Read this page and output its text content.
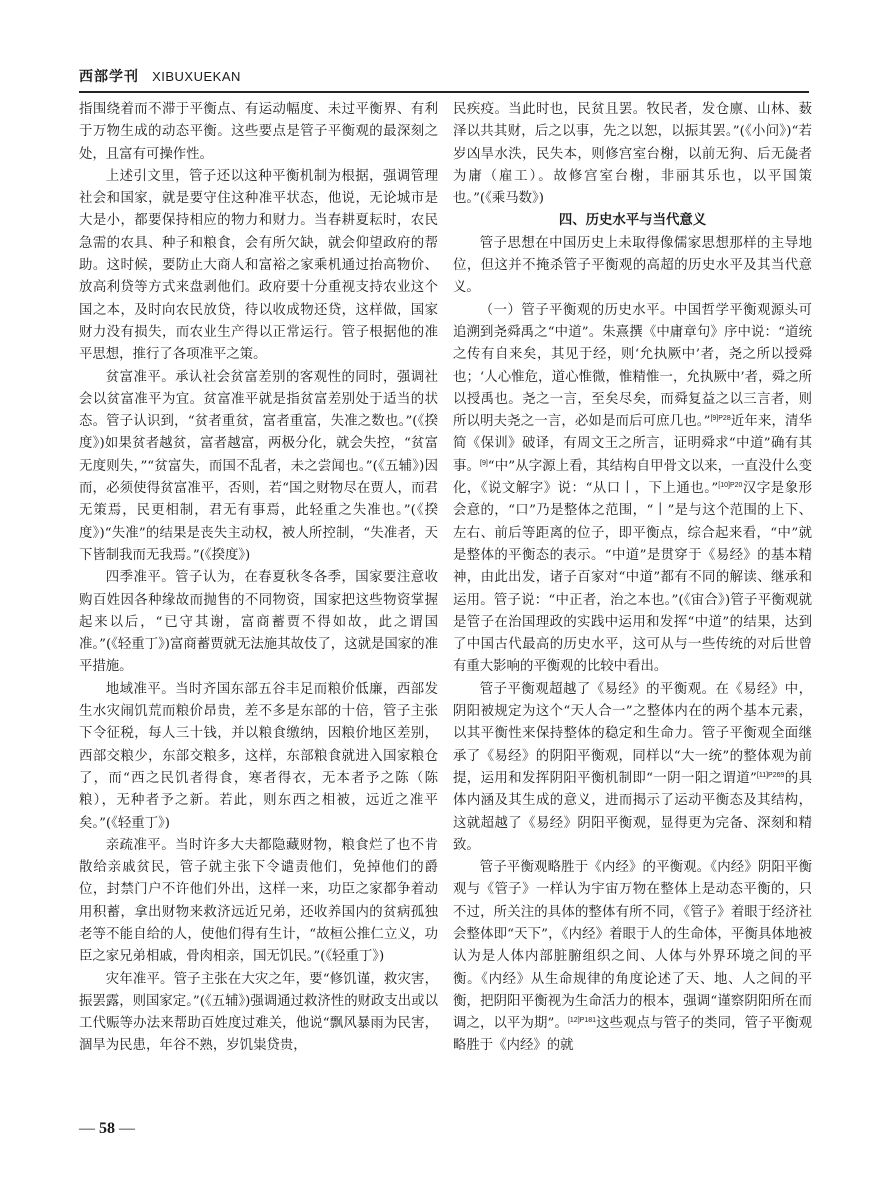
西部学刊 XIBUXUEKAN

指围绕着而不滞于平衡点、有运动幅度、未过平衡界、有利于万物生成的动态平衡。这些要点是管子平衡观的最深刻之处，且富有可操作性。

上述引文里，管子还以这种平衡机制为根据，强调管理社会和国家，就是要守住这种准平状态，他说，无论城市是大是小，都要保持相应的物力和财力。当春耕夏耘时，农民急需的农具、种子和粮食，会有所欠缺，就会仰望政府的帮助。这时候，要防止大商人和富裕之家乘机通过抬高物价、放高利贷等方式来盘剥他们。政府要十分重视支持农业这个国之本，及时向农民放贷，待以收成物还贷，这样做，国家财力没有损失，而农业生产得以正常运行。管子根据他的准平思想，推行了各项准平之策。

贫富准平。承认社会贫富差别的客观性的同时，强调社会以贫富准平为宜。贫富准平就是指贫富差别处于适当的状态。管子认识到，“贫者重贫，富者重富，失准之数也。”(《揆度》)如果贫者越贫，富者越富，两极分化，就会失控，“贫富无度则失，”“贫富失，而国不乱者，未之尝闻也。”(《五辅》)因而，必须使得贫富准平，否则，若“国之财物尽在贾人，而君无策焉，民更相制，君无有事焉，此轻重之失准也。”(《揆度》)“失准”的结果是丧失主动权，被人所控制，“失准者，天下皆制我而无我焉。”(《揆度》)

四季准平。管子认为，在春夏秋冬各季，国家要注意收购百姓因各种缘故而抛售的不同物资，国家把这些物资掌握起来以后，“已守其谢，富商蓄贾不得如故，此之谓国准。”(《轻重丁》)富商蓄贾就无法施其故伎了，这就是国家的准平措施。

地域准平。当时齐国东部五谷丰足而粮价低廉，西部发生水灾闹饥荒而粮价昂贵，差不多是东部的十倍，管子主张下令征税，每人三十钱，并以粮食缴纳，因粮价地区差别，西部交粮少，东部交粮多，这样，东部粮食就进入国家粮仓了，而“西之民饥者得食，寒者得衣，无本者予之陈（陈粮），无种者予之新。若此，则东西之相被，远近之准平矣。”(《轻重丁》)

亲疏准平。当时许多大夫都隐藏财物，粮食烂了也不肯散给亲戚贫民，管子就主张下令谴责他们，免掉他们的爵位，封禁门户不许他们外出，这样一来，功臣之家都争着动用积蓄，拿出财物来救济远近兄弟，还收养国内的贫病孤独老等不能自给的人，使他们得有生计，“故桓公推仁立义，功臣之家兄弟相戚，骨肉相亲，国无饥民。”(《轻重丁》)

灾年准平。管子主张在大灾之年，要“修饥谨，救灾害，振罢露，则国家定。”(《五辅》)强调通过救济性的财政支出或以工代赈等办法来帮助百姓度过难关，他说“飘风暴雨为民害，涸旱为民患，年谷不熟，岁饥粜贷贵，

民疾疫。当此时也，民贫且罢。牧民者，发仓廪、山林、薮泽以共其财，后之以事，先之以恕，以振其罢。”(《小问》)“若岁凶旱水泆，民失本，则修宫室台榭，以前无狗、后无彘者为庸（雇工）。故修宫室台榭，非丽其乐也，以平国策也。”(《乘马数》)

四、历史水平与当代意义

管子思想在中国历史上未取得像儒家思想那样的主导地位，但这并不掩杀管子平衡观的高超的历史水平及其当代意义。

（一）管子平衡观的历史水平。中国哲学平衡观源头可追溯到尧舜禹之“中道”。朱熹撰《中庸章句》序中说：“道统之传有自来矣，其见于经，则‘允执厥中’者，尧之所以授舜也；‘人心惟危，道心惟微，惟精惟一，允执厥中’者，舜之所以授禹也。尧之一言，至矣尽矣，而舜复益之以三言者，则所以明夫尧之一言，必如是而后可庶几也。”$^{[9]P28}$近年来，清华简《保训》破译，有周文王之所言，证明舜求“中道”确有其事。[9]“中”从字源上看，其结构自甲骨文以来，一直没什么变化，《说文解字》说：“从口丨，下上通也。”$^{[10]P20}$汉字是象形会意的，“口”乃是整体之范围，“丨”是与这个范围的上下、左右、前后等距离的位子，即平衡点，综合起来看，“中”就是整体的平衡态的表示。“中道”是贯穿于《易经》的基本精神，由此出发，诸子百家对“中道”都有不同的解读、继承和运用。管子说：“中正者，治之本也。”(《宙合》)管子平衡观就是管子在治国理政的实践中运用和发挥“中道”的结果，达到了中国古代最高的历史水平，这可从与一些传统的对后世曾有重大影响的平衡观的比较中看出。

管子平衡观超越了《易经》的平衡观。在《易经》中，阴阳被规定为这个“天人合一”之整体内在的两个基本元素，以其平衡性来保持整体的稳定和生命力。管子平衡观全面继承了《易经》的阴阳平衡观，同样以“大一统”的整体观为前提，运用和发挥阴阳平衡机制即“一阴一阳之谓道”$^{[11]P269}$的具体内涵及其生成的意义，进而揭示了运动平衡态及其结构，这就超越了《易经》阴阳平衡观，显得更为完备、深刻和精致。

管子平衡观略胜于《内经》的平衡观。《内经》阴阳平衡观与《管子》一样认为宇宙万物在整体上是动态平衡的，只不过，所关注的具体的整体有所不同，《管子》着眼于经济社会整体即“天下”，《内经》着眼于人的生命体，平衡具体地被认为是人体内部脏腑组织之间、人体与外界环境之间的平衡。《内经》从生命规律的角度论述了天、地、人之间的平衡，把阴阳平衡视为生命活力的根本，强调“谨察阴阳所在而调之，以平为期”。$^{[12]P181}$这些观点与管子的类同，管子平衡观略胜于《内经》的就

— 58 —
